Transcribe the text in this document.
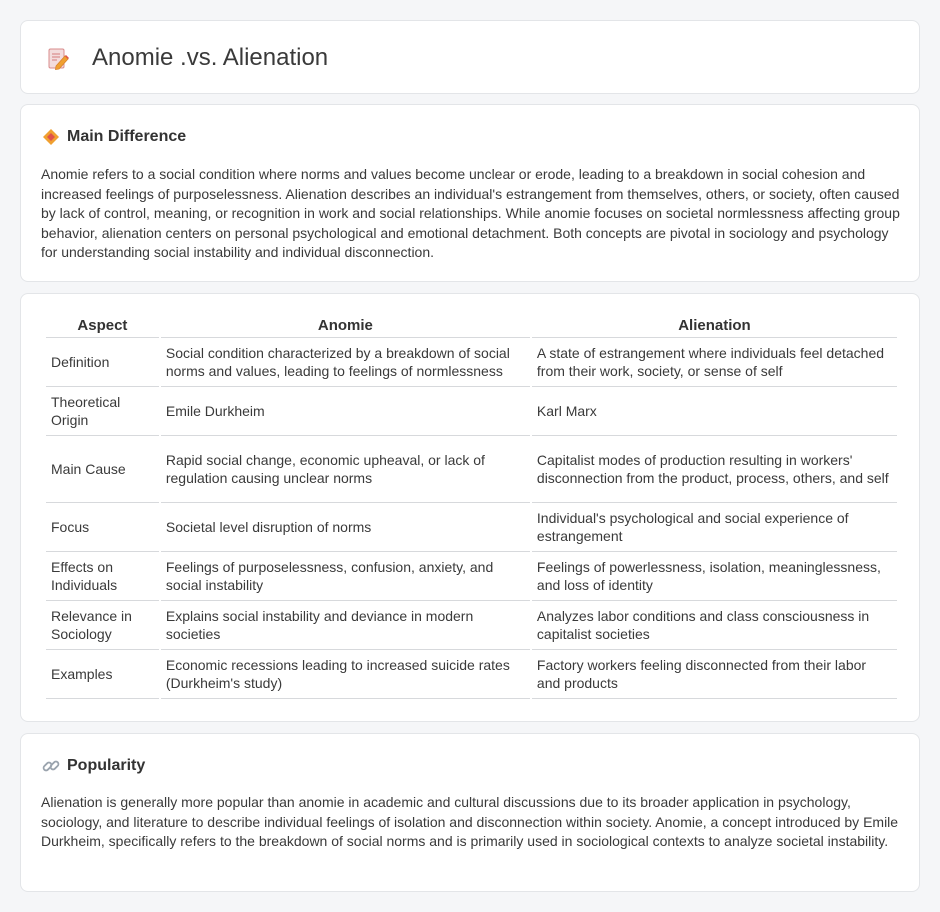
Anomie .vs. Alienation
Main Difference

Anomie refers to a social condition where norms and values become unclear or erode, leading to a breakdown in social cohesion and increased feelings of purposelessness. Alienation describes an individual's estrangement from themselves, others, or society, often caused by lack of control, meaning, or recognition in work and social relationships. While anomie focuses on societal normlessness affecting group behavior, alienation centers on personal psychological and emotional detachment. Both concepts are pivotal in sociology and psychology for understanding social instability and individual disconnection.

Aspect	Anomie	Alienation
Definition	Social condition characterized by a breakdown of social norms and values, leading to feelings of normlessness	A state of estrangement where individuals feel detached from their work, society, or sense of self
Theoretical Origin	Emile Durkheim	Karl Marx
Main Cause	Rapid social change, economic upheaval, or lack of regulation causing unclear norms	Capitalist modes of production resulting in workers' disconnection from the product, process, others, and self
Focus	Societal level disruption of norms	Individual's psychological and social experience of estrangement
Effects on Individuals	Feelings of purposelessness, confusion, anxiety, and social instability	Feelings of powerlessness, isolation, meaninglessness, and loss of identity
Relevance in Sociology	Explains social instability and deviance in modern societies	Analyzes labor conditions and class consciousness in capitalist societies
Examples	Economic recessions leading to increased suicide rates (Durkheim's study)	Factory workers feeling disconnected from their labor and products
Popularity

Alienation is generally more popular than anomie in academic and cultural discussions due to its broader application in psychology, sociology, and literature to describe individual feelings of isolation and disconnection within society. Anomie, a concept introduced by Emile Durkheim, specifically refers to the breakdown of social norms and is primarily used in sociological contexts to analyze societal instability.
